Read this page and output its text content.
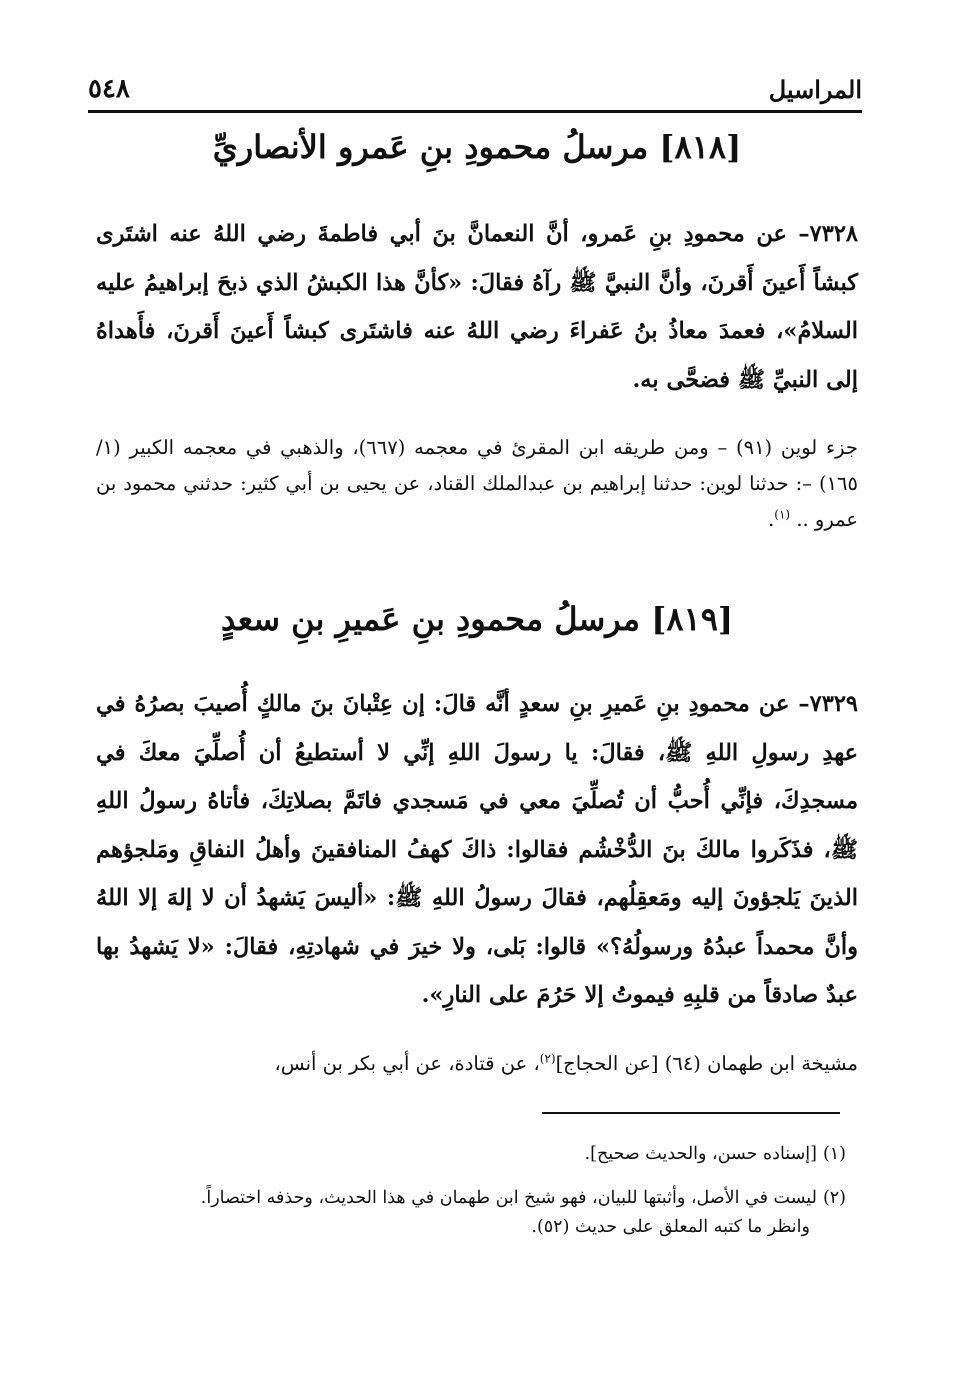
٥٤٨	المراسيل
[٨١٨] مرسلُ محمودِ بنِ عَمرو الأنصاريِّ
٧٣٢٨– عن محمودِ بنِ عَمرو، أنَّ النعمانَّ بنَ أبي فاطمةَ رضي اللهُ عنه اشتَرى كبشاً أَعينَ أَقرنَ، وأنَّ النبيَّ ﷺ رآهُ فقالَ: «كأنَّ هذا الكبشُ الذي ذبحَ إبراهيمُ عليه السلامُ»، فعمدَ معاذُ بنُ عَفراءَ رضي اللهُ عنه فاشتَرى كبشاً أَعينَ أَقرنَ، فأَهداهُ إلى النبيِّ ﷺ فضحَّى به.
جزء لوين (٩١) – ومن طريقه ابن المقرئ في معجمه (٦٦٧)، والذهبي في معجمه الكبير (١/ ١٦٥) –: حدثنا لوين: حدثنا إبراهيم بن عبدالملك القناد، عن يحيى بن أبي كثير: حدثني محمود بن عمرو .. $^{(١)}$.
[٨١٩] مرسلُ محمودِ بنِ عَميرِ بنِ سعدٍ
٧٣٢٩– عن محمودِ بنِ عَميرِ بنِ سعدٍ أنَّه قالَ: إن عِتْبانَ بنَ مالكٍ أُصيبَ بصرُهُ في عهدِ رسولِ اللهِ ﷺ، فقالَ: يا رسولَ اللهِ إنِّي لا أستطيعُ أن أُصلِّيَ معكَ في مسجدِكَ، فإنِّي أُحبُّ أن تُصلِّيَ معي في مَسجدي فاتَمَّ بصلاتِكَ، فأتاهُ رسولُ اللهِ ﷺ، فذَكَروا مالكَ بنَ الدُّخْشُم فقالوا: ذاكَ كهفُ المنافقينَ وأهلُ النفاقِ ومَلجؤهم الذينَ يَلجؤونَ إليه ومَعقِلُهم، فقالَ رسولُ اللهِ ﷺ: «أليسَ يَشهدُ أن لا إلهَ إلا اللهُ وأنَّ محمداً عبدُهُ ورسولُهُ؟» قالوا: بَلى، ولا خيرَ في شهادتِهِ، فقالَ: «لا يَشهدُ بها عبدٌ صادقاً من قلبِهِ فيموتُ إلا حَرُمَ على النارِ».
مشيخة ابن طهمان (٦٤) [عن الحجاج]$^{(٢)}$، عن قتادة، عن أبي بكر بن أنس،
(١)[إسناده حسن، والحديث صحيح].
(٢)ليست في الأصل، وأثبتها للبيان، فهو شيخ ابن طهمان في هذا الحديث، وحذفه اختصاراً.
وانظر ما كتبه المعلق على حديث (٥٢).
